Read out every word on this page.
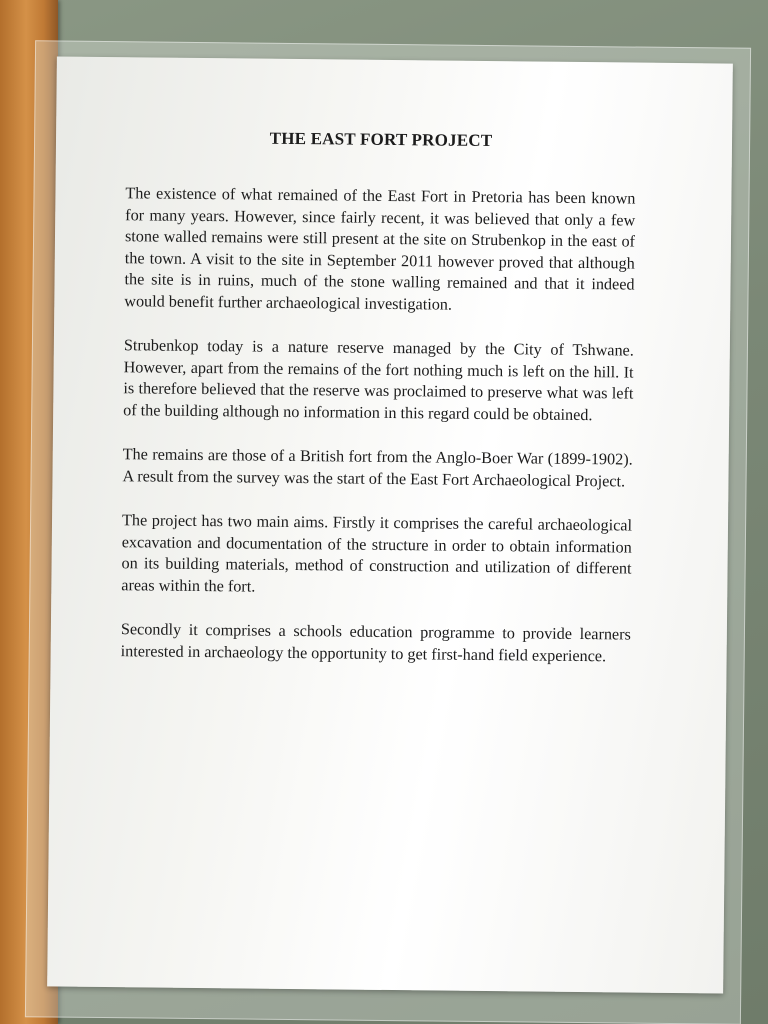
THE EAST FORT PROJECT

The existence of what remained of the East Fort in Pretoria has been known for many years. However, since fairly recent, it was believed that only a few stone walled remains were still present at the site on Strubenkop in the east of the town. A visit to the site in September 2011 however proved that although the site is in ruins, much of the stone walling remained and that it indeed would benefit further archaeological investigation.

Strubenkop today is a nature reserve managed by the City of Tshwane. However, apart from the remains of the fort nothing much is left on the hill. It is therefore believed that the reserve was proclaimed to preserve what was left of the building although no information in this regard could be obtained.

The remains are those of a British fort from the Anglo-Boer War (1899-1902). A result from the survey was the start of the East Fort Archaeological Project.

The project has two main aims. Firstly it comprises the careful archaeological excavation and documentation of the structure in order to obtain information on its building materials, method of construction and utilization of different areas within the fort.

Secondly it comprises a schools education programme to provide learners interested in archaeology the opportunity to get first-hand field experience.
